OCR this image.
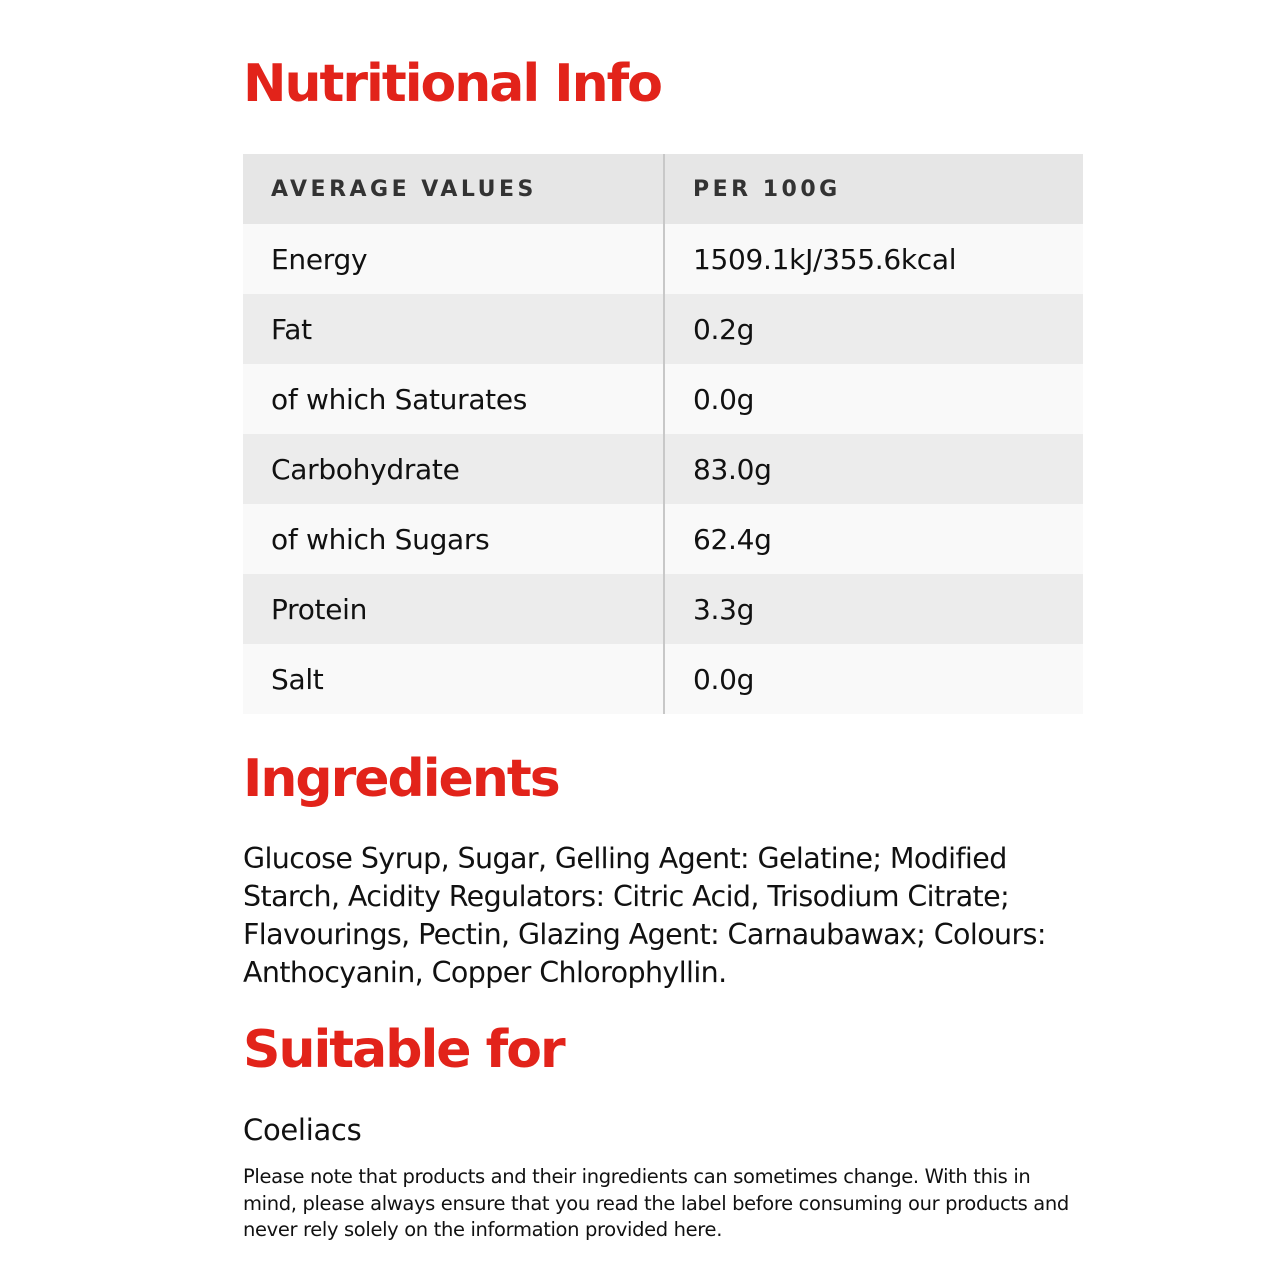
Nutritional Info
AVERAGE VALUES	PER 100G
Energy	1509.1kJ/355.6kcal
Fat	0.2g
of which Saturates	0.0g
Carbohydrate	83.0g
of which Sugars	62.4g
Protein	3.3g
Salt	0.0g
Ingredients

Glucose Syrup, Sugar, Gelling Agent: Gelatine; Modified Starch, Acidity Regulators: Citric Acid, Trisodium Citrate; Flavourings, Pectin, Glazing Agent: Carnaubawax; Colours: Anthocyanin, Copper Chlorophyllin.

Suitable for

Coeliacs

Please note that products and their ingredients can sometimes change. With this in mind, please always ensure that you read the label before consuming our products and never rely solely on the information provided here.
